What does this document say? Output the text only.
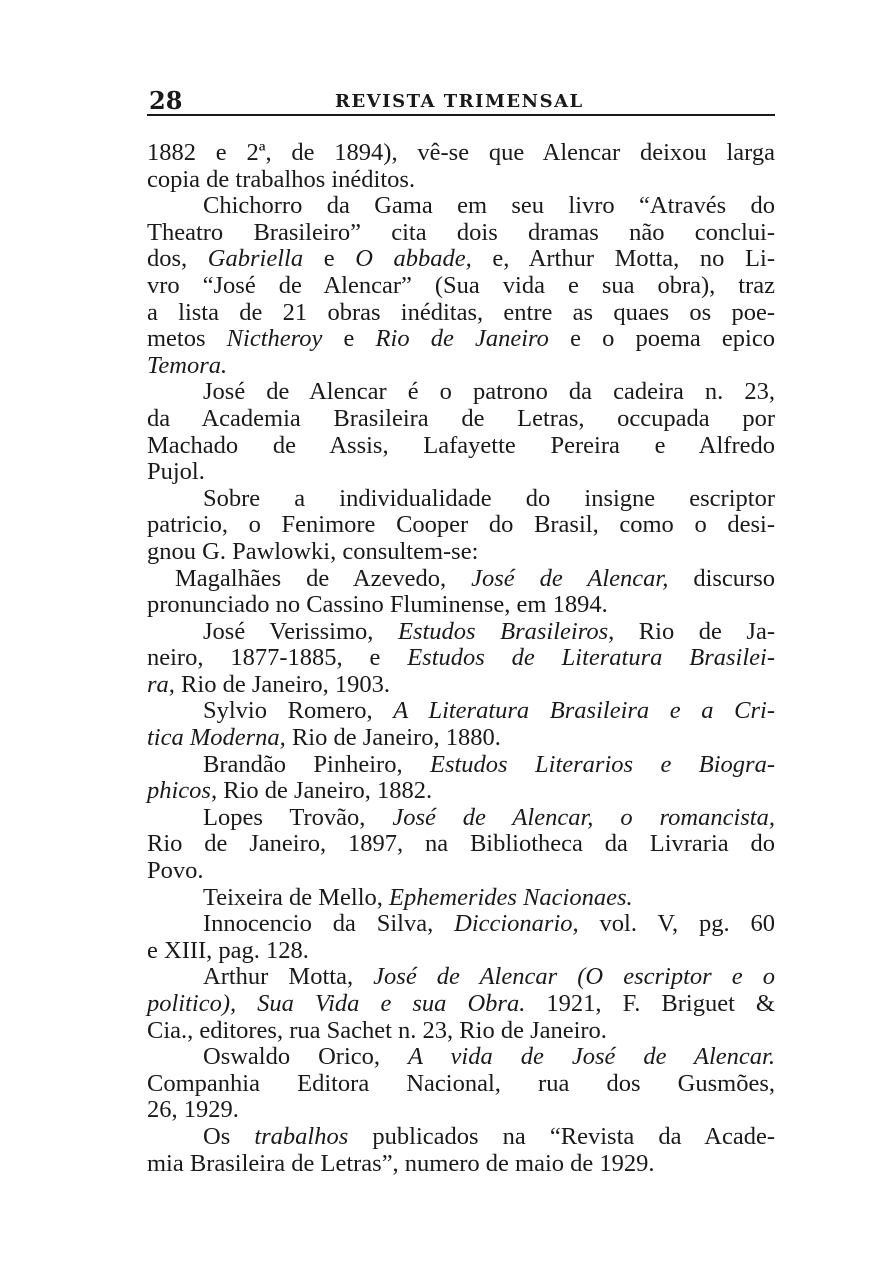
28	REVISTA TRIMENSAL
1882 e 2ª, de 1894), vê-se que Alencar deixou larga
copia de trabalhos inéditos.
Chichorro da Gama em seu livro “Através do
Theatro Brasileiro” cita dois dramas não conclui-
dos, Gabriella e O abbade, e, Arthur Motta, no Li-
vro “José de Alencar” (Sua vida e sua obra), traz
a lista de 21 obras inéditas, entre as quaes os poe-
metos Nictheroy e Rio de Janeiro e o poema epico
Temora.
José de Alencar é o patrono da cadeira n. 23,
da Academia Brasileira de Letras, occupada por
Machado de Assis, Lafayette Pereira e Alfredo
Pujol.
Sobre a individualidade do insigne escriptor
patricio, o Fenimore Cooper do Brasil, como o desi-
gnou G. Pawlowki, consultem-se:
Magalhães de Azevedo, José de Alencar, discurso
pronunciado no Cassino Fluminense, em 1894.
José Verissimo, Estudos Brasileiros, Rio de Ja-
neiro, 1877-1885, e Estudos de Literatura Brasilei-
ra, Rio de Janeiro, 1903.
Sylvio Romero, A Literatura Brasileira e a Cri-
tica Moderna, Rio de Janeiro, 1880.
Brandão Pinheiro, Estudos Literarios e Biogra-
phicos, Rio de Janeiro, 1882.
Lopes Trovão, José de Alencar, o romancista,
Rio de Janeiro, 1897, na Bibliotheca da Livraria do
Povo.
Teixeira de Mello, Ephemerides Nacionaes.
Innocencio da Silva, Diccionario, vol. V, pg. 60
e XIII, pag. 128.
Arthur Motta, José de Alencar (O escriptor e o
politico), Sua Vida e sua Obra. 1921, F. Briguet &
Cia., editores, rua Sachet n. 23, Rio de Janeiro.
Oswaldo Orico, A vida de José de Alencar.
Companhia Editora Nacional, rua dos Gusmões,
26, 1929.
Os trabalhos publicados na “Revista da Acade-
mia Brasileira de Letras”, numero de maio de 1929.
